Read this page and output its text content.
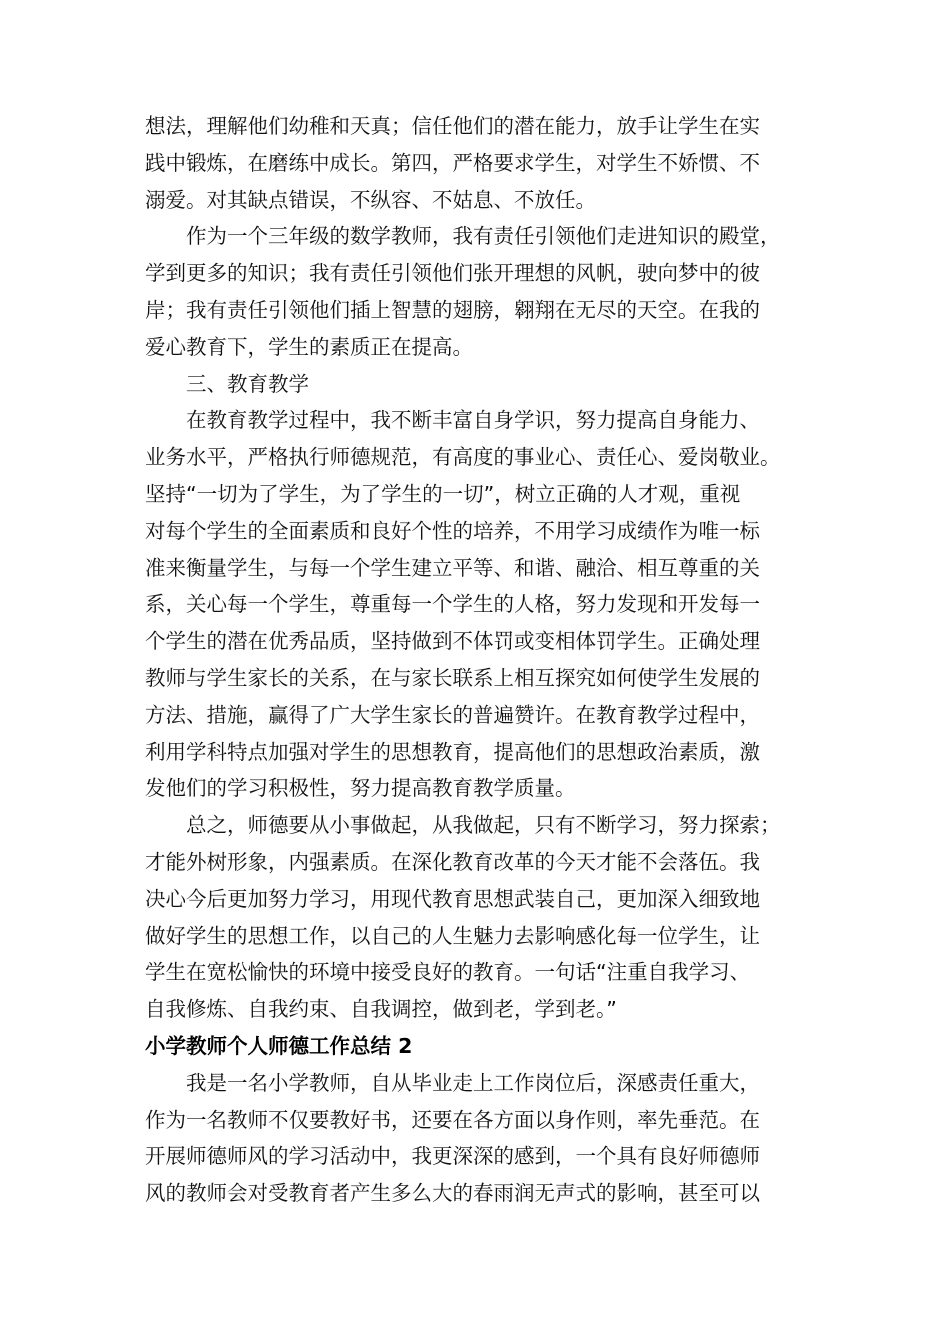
想法，理解他们幼稚和天真；信任他们的潜在能力，放手让学生在实
践中锻炼，在磨练中成长。第四，严格要求学生，对学生不娇惯、不
溺爱。对其缺点错误，不纵容、不姑息、不放任。
作为一个三年级的数学教师，我有责任引领他们走进知识的殿堂，
学到更多的知识；我有责任引领他们张开理想的风帆，驶向梦中的彼
岸；我有责任引领他们插上智慧的翅膀，翱翔在无尽的天空。在我的
爱心教育下，学生的素质正在提高。
三、教育教学
在教育教学过程中，我不断丰富自身学识，努力提高自身能力、
业务水平，严格执行师德规范，有高度的事业心、责任心、爱岗敬业。
坚持“一切为了学生，为了学生的一切”，树立正确的人才观，重视
对每个学生的全面素质和良好个性的培养，不用学习成绩作为唯一标
准来衡量学生，与每一个学生建立平等、和谐、融洽、相互尊重的关
系，关心每一个学生，尊重每一个学生的人格，努力发现和开发每一
个学生的潜在优秀品质，坚持做到不体罚或变相体罚学生。正确处理
教师与学生家长的关系，在与家长联系上相互探究如何使学生发展的
方法、措施，赢得了广大学生家长的普遍赞许。在教育教学过程中，
利用学科特点加强对学生的思想教育，提高他们的思想政治素质，激
发他们的学习积极性，努力提高教育教学质量。
总之，师德要从小事做起，从我做起，只有不断学习，努力探索；
才能外树形象，内强素质。在深化教育改革的今天才能不会落伍。我
决心今后更加努力学习，用现代教育思想武装自己，更加深入细致地
做好学生的思想工作，以自己的人生魅力去影响感化每一位学生，让
学生在宽松愉快的环境中接受良好的教育。一句话“注重自我学习、
自我修炼、自我约束、自我调控，做到老，学到老。”
小学教师个人师德工作总结 2
我是一名小学教师，自从毕业走上工作岗位后，深感责任重大，
作为一名教师不仅要教好书，还要在各方面以身作则，率先垂范。在
开展师德师风的学习活动中，我更深深的感到，一个具有良好师德师
风的教师会对受教育者产生多么大的春雨润无声式的影响，甚至可以
